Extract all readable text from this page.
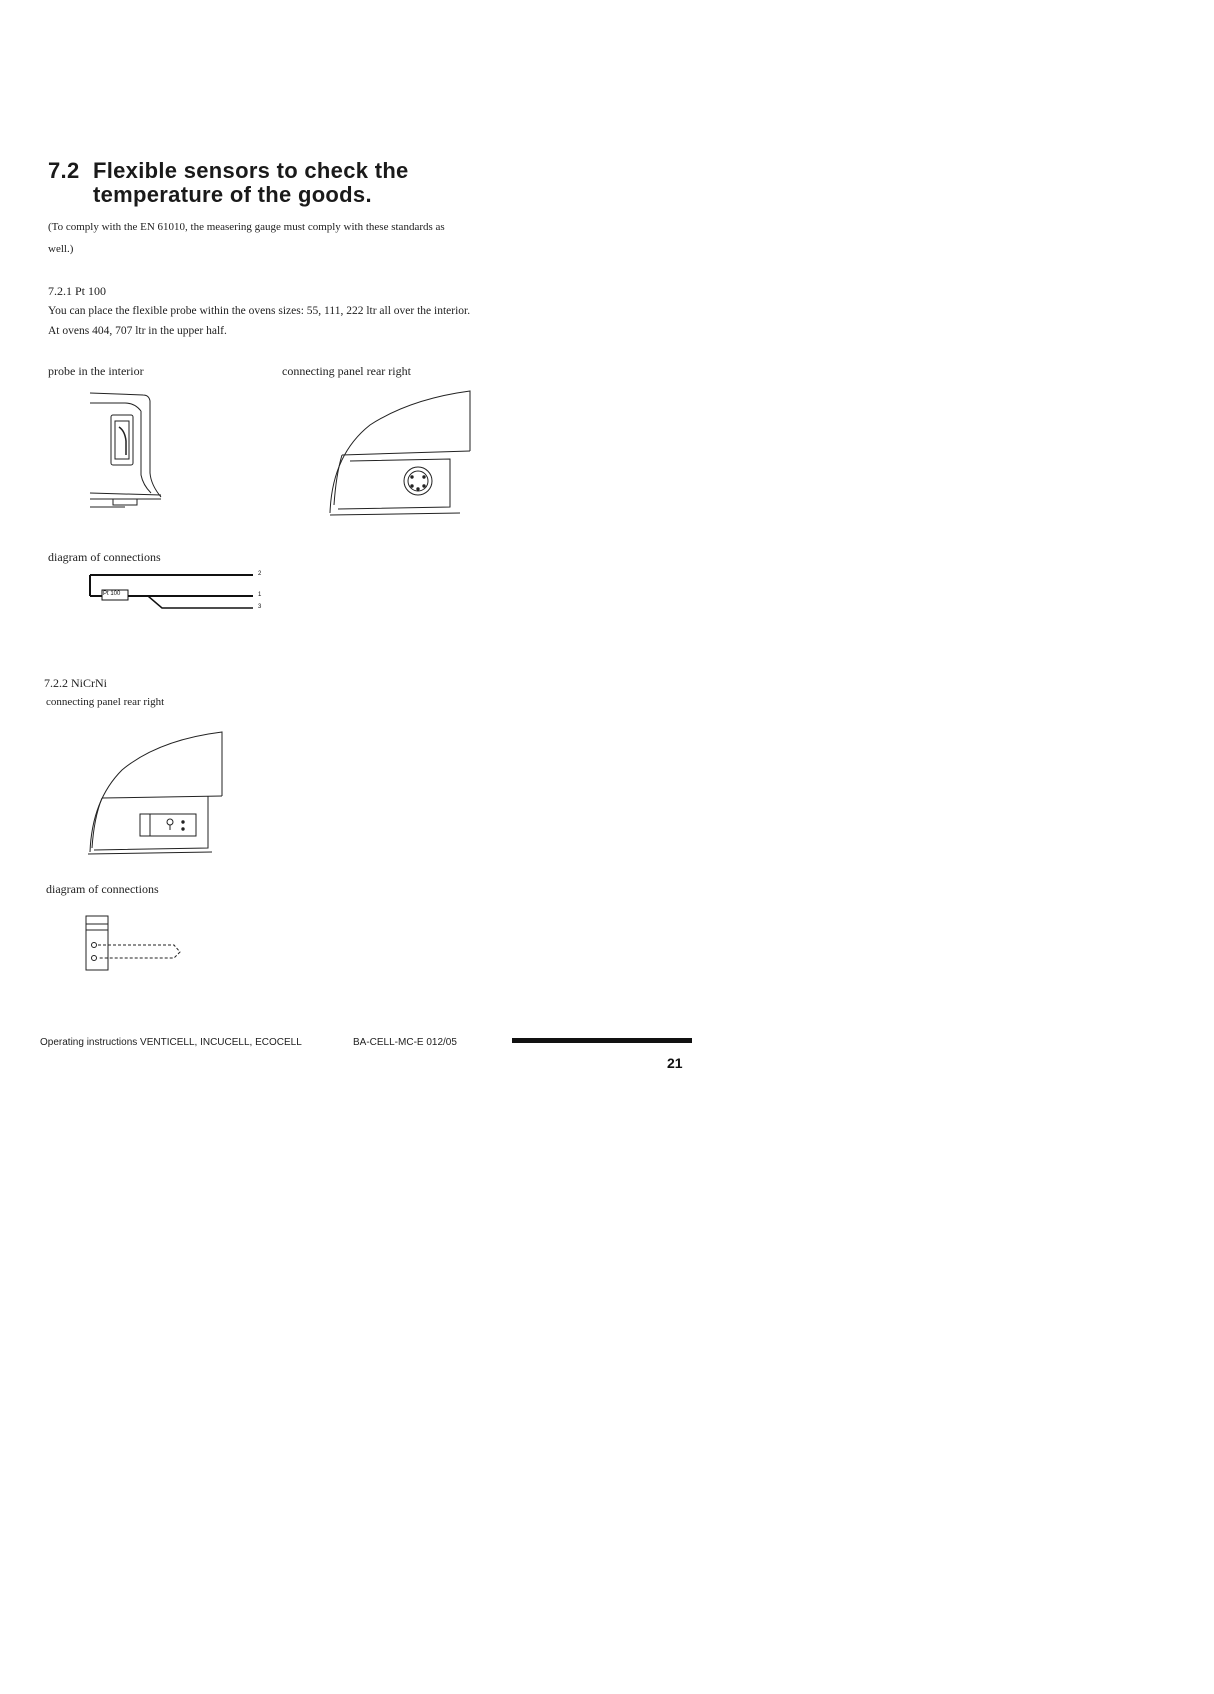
7.2 Flexible sensors to check the
temperature of the goods.
(To comply with the EN 61010, the measering gauge must comply with these standards as
well.)
7.2.1 Pt 100
You can place the flexible probe within the ovens sizes: 55, 111, 222 ltr all over the interior.
At ovens 404, 707 ltr in the upper half.
probe in the interior	connecting panel rear right
diagram of connections
Pt 100
2
1
3
7.2.2 NiCrNi
connecting panel rear right
diagram of connections
Operating instructions VENTICELL, INCUCELL, ECOCELL	BA-CELL-MC-E 012/05
21
